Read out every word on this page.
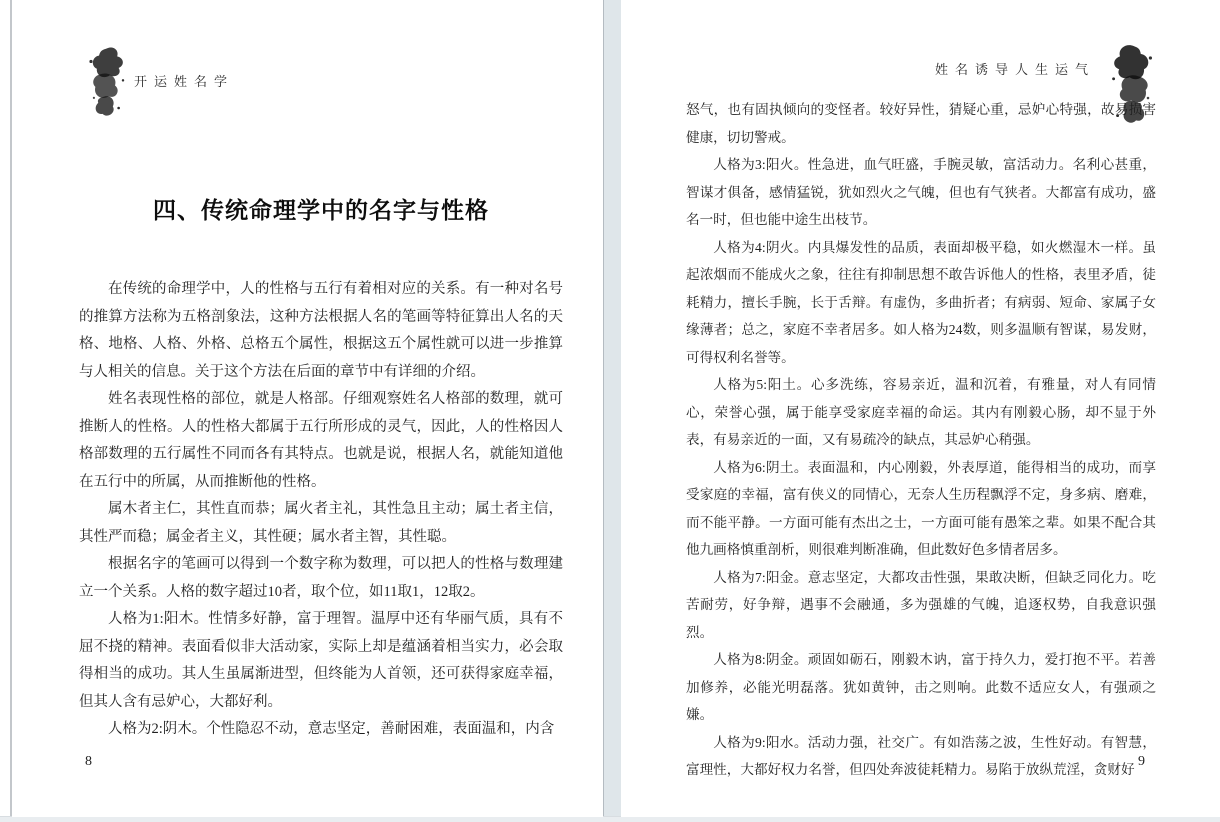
开运姓名学
四、传统命理学中的名字与性格

在传统的命理学中，人的性格与五行有着相对应的关系。有一种对名号的推算方法称为五格剖象法，这种方法根据人名的笔画等特征算出人名的天格、地格、人格、外格、总格五个属性，根据这五个属性就可以进一步推算与人相关的信息。关于这个方法在后面的章节中有详细的介绍。

姓名表现性格的部位，就是人格部。仔细观察姓名人格部的数理，就可推断人的性格。人的性格大都属于五行所形成的灵气，因此，人的性格因人格部数理的五行属性不同而各有其特点。也就是说，根据人名，就能知道他在五行中的所属，从而推断他的性格。

属木者主仁，其性直而恭；属火者主礼，其性急且主动；属土者主信，其性严而稳；属金者主义，其性硬；属水者主智，其性聪。

根据名字的笔画可以得到一个数字称为数理，可以把人的性格与数理建立一个关系。人格的数字超过10者，取个位，如11取1，12取2。

人格为1:阳木。性情多好静，富于理智。温厚中还有华丽气质，具有不屈不挠的精神。表面看似非大活动家，实际上却是蕴涵着相当实力，必会取得相当的成功。其人生虽属渐进型，但终能为人首领，还可获得家庭幸福，但其人含有忌妒心，大都好利。

人格为2:阴木。个性隐忍不动，意志坚定，善耐困难，表面温和，内含

8
姓名诱导人生运气

怒气，也有固执倾向的变怪者。较好异性，猜疑心重，忌妒心特强，故易损害健康，切切警戒。

人格为3:阳火。性急进，血气旺盛，手腕灵敏，富活动力。名利心甚重，智谋才俱备，感情猛锐，犹如烈火之气魄，但也有气狭者。大都富有成功，盛名一时，但也能中途生出枝节。

人格为4:阴火。内具爆发性的品质，表面却极平稳，如火燃湿木一样。虽起浓烟而不能成火之象，往往有抑制思想不敢告诉他人的性格，表里矛盾，徒耗精力，擅长手腕，长于舌辩。有虚伪，多曲折者；有病弱、短命、家属子女缘薄者；总之，家庭不幸者居多。如人格为24数，则多温顺有智谋，易发财，可得权利名誉等。

人格为5:阳土。心多洗练，容易亲近，温和沉着，有雅量，对人有同情心，荣誉心强，属于能享受家庭幸福的命运。其内有刚毅心肠，却不显于外表，有易亲近的一面，又有易疏冷的缺点，其忌妒心稍强。

人格为6:阴土。表面温和，内心刚毅，外表厚道，能得相当的成功，而享受家庭的幸福，富有侠义的同情心，无奈人生历程飘浮不定，身多病、磨难，而不能平静。一方面可能有杰出之士，一方面可能有愚笨之辈。如果不配合其他九画格慎重剖析，则很难判断准确，但此数好色多情者居多。

人格为7:阳金。意志坚定，大都攻击性强，果敢决断，但缺乏同化力。吃苦耐劳，好争辩，遇事不会融通，多为强雄的气魄，追逐权势，自我意识强烈。

人格为8:阴金。顽固如砺石，刚毅木讷，富于持久力，爱打抱不平。若善加修养，必能光明磊落。犹如黄钟，击之则响。此数不适应女人，有强顽之嫌。

人格为9:阳水。活动力强，社交广。有如浩荡之波，生性好动。有智慧，富理性，大都好权力名誉，但四处奔波徒耗精力。易陷于放纵荒淫，贪财好

9
